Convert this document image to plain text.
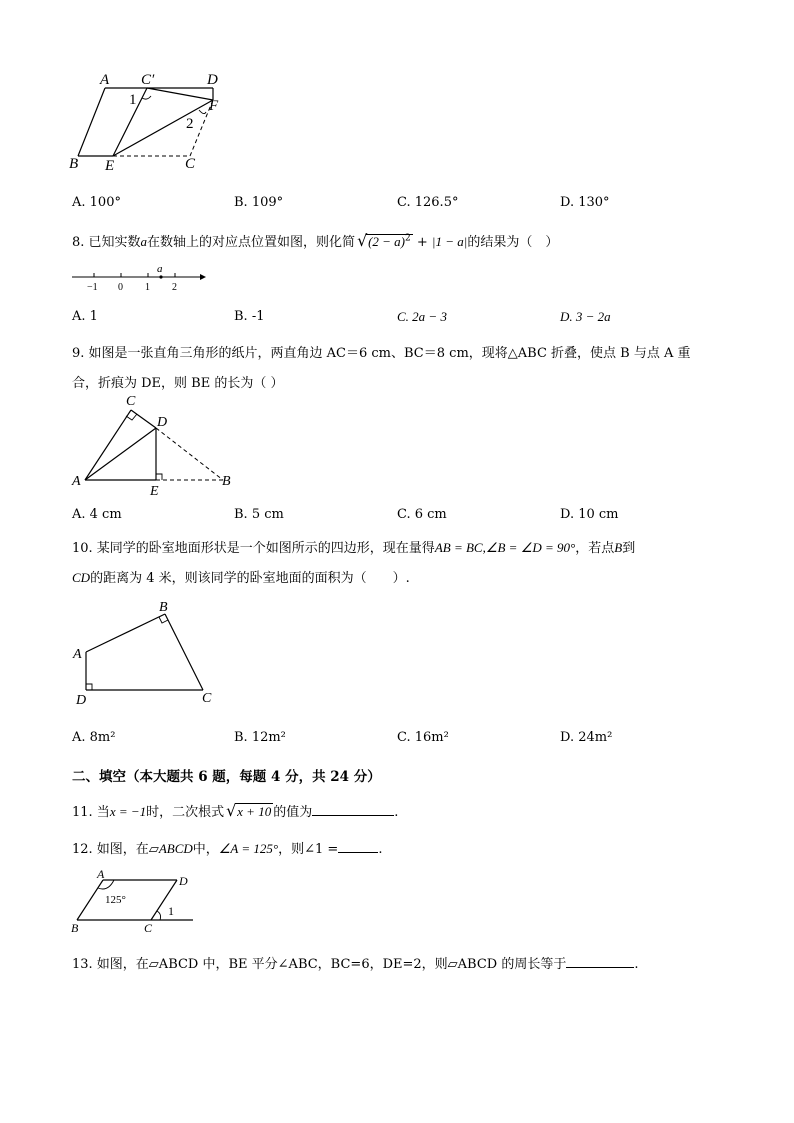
A C′	D
F
B E	C
1
2
A. 100°	B. 109°	C. 126.5°	D. 130°
8. 已知实数a在数轴上的对应点位置如图，则化简 √ $(2 - a)^2 + |1 - a|$的结果为（　）
a
−1 0 1 2
A. 1	B. -1	C. 2a − 3	D. 3 − 2a
9. 如图是一张直角三角形的纸片，两直角边 AC＝6 cm、BC＝8 cm，现将△ABC 折叠，使点 B 与点 A 重
合，折痕为 DE，则 BE 的长为（ ）
C
D
A
E
B
A. 4 cm	B. 5 cm	C. 6 cm	D. 10 cm
10. 某同学的卧室地面形状是一个如图所示的四边形，现在量得AB = BC,∠B = ∠D = 90°，若点B到
CD的距离为 4 米，则该同学的卧室地面的面积为（　　）.
B
A
D	C
A. 8m²	B. 12m²	C. 16m²	D. 24m²
二、填空（本大题共 6 题，每题 4 分，共 24 分）
11. 当x = −1时，二次根式 √ x + 10 的值为	.
12. 如图，在▱ABCD中，∠A = 125°，则∠1 =	.
A	D
B	C
125°
1
13. 如图，在▱ABCD 中，BE 平分∠ABC，BC=6，DE=2，则▱ABCD 的周长等于	.
